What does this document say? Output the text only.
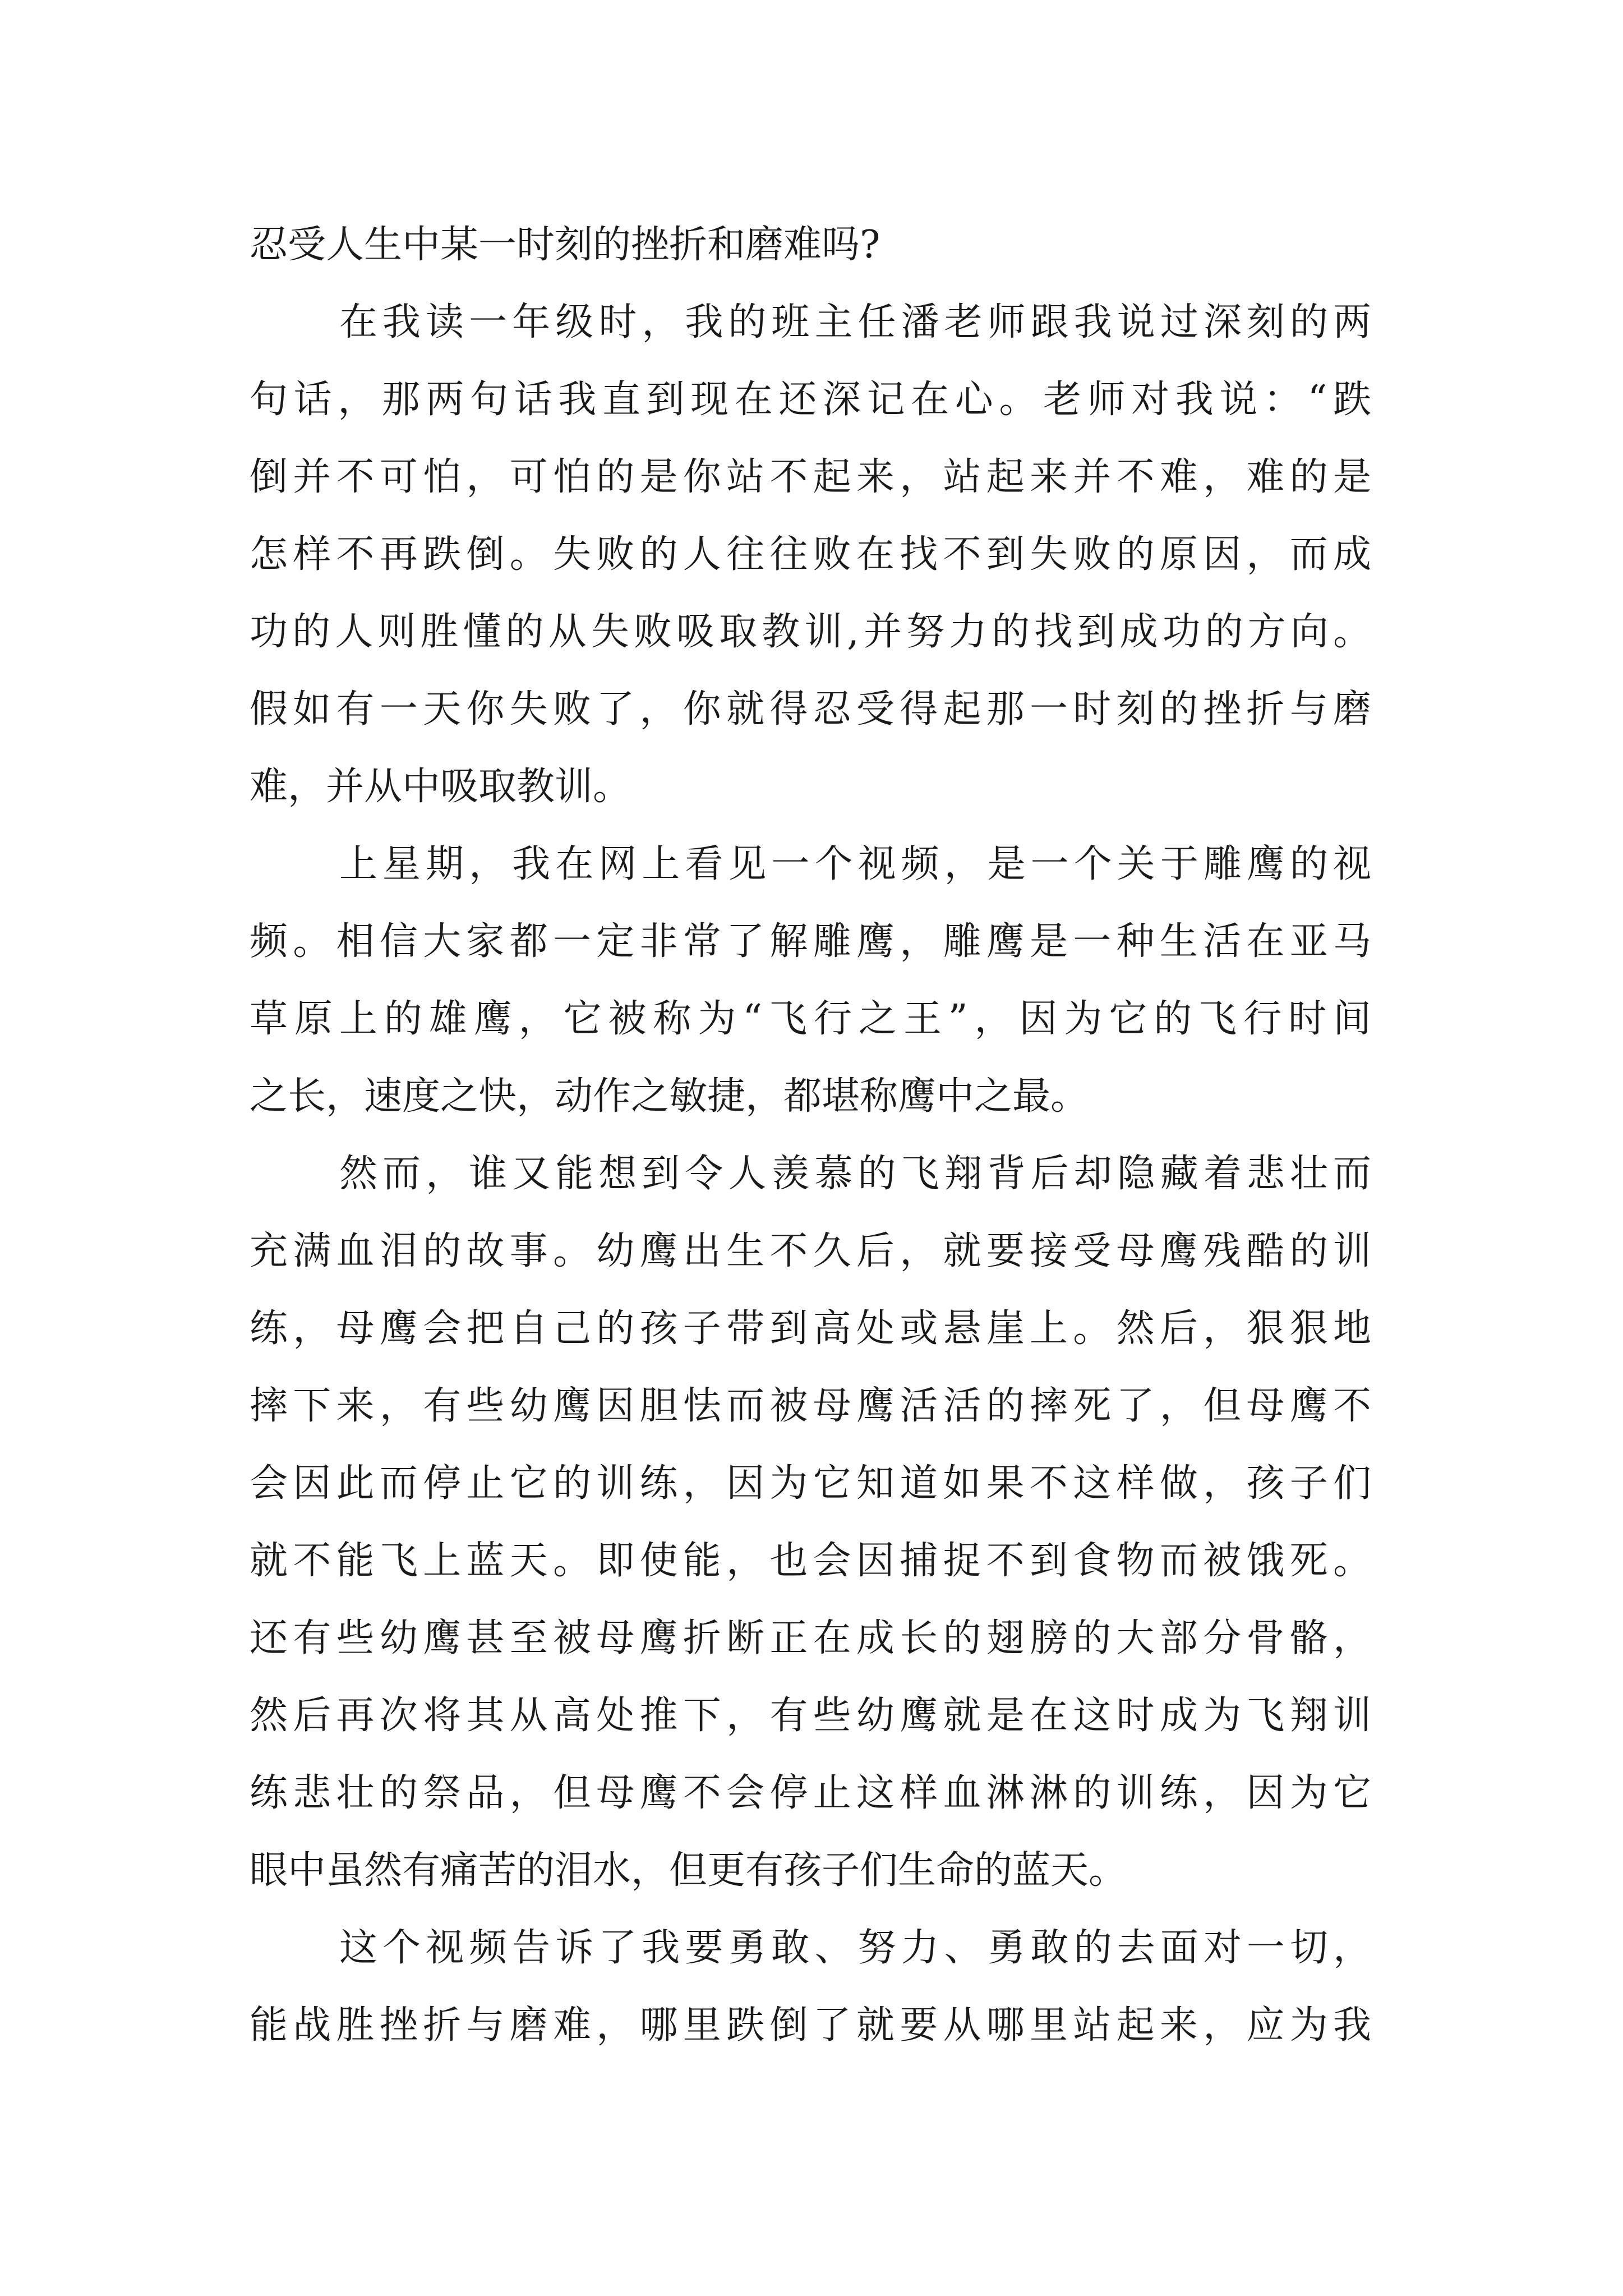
忍受人生中某一时刻的挫折和磨难吗?
在我读一年级时，我的班主任潘老师跟我说过深刻的两
句话，那两句话我直到现在还深记在心。老师对我说：“跌
倒并不可怕，可怕的是你站不起来，站起来并不难，难的是
怎样不再跌倒。失败的人往往败在找不到失败的原因，而成
功的人则胜懂的从失败吸取教训,并努力的找到成功的方向。
假如有一天你失败了，你就得忍受得起那一时刻的挫折与磨
难，并从中吸取教训。
上星期，我在网上看见一个视频，是一个关于雕鹰的视
频。相信大家都一定非常了解雕鹰，雕鹰是一种生活在亚马
草原上的雄鹰，它被称为“飞行之王”，因为它的飞行时间
之长，速度之快，动作之敏捷，都堪称鹰中之最。
然而，谁又能想到令人羡慕的飞翔背后却隐藏着悲壮而
充满血泪的故事。幼鹰出生不久后，就要接受母鹰残酷的训
练，母鹰会把自己的孩子带到高处或悬崖上。然后，狠狠地
摔下来，有些幼鹰因胆怯而被母鹰活活的摔死了，但母鹰不
会因此而停止它的训练，因为它知道如果不这样做，孩子们
就不能飞上蓝天。即使能，也会因捕捉不到食物而被饿死。
还有些幼鹰甚至被母鹰折断正在成长的翅膀的大部分骨骼，
然后再次将其从高处推下，有些幼鹰就是在这时成为飞翔训
练悲壮的祭品，但母鹰不会停止这样血淋淋的训练，因为它
眼中虽然有痛苦的泪水，但更有孩子们生命的蓝天。
这个视频告诉了我要勇敢、努力、勇敢的去面对一切，
能战胜挫折与磨难，哪里跌倒了就要从哪里站起来，应为我
